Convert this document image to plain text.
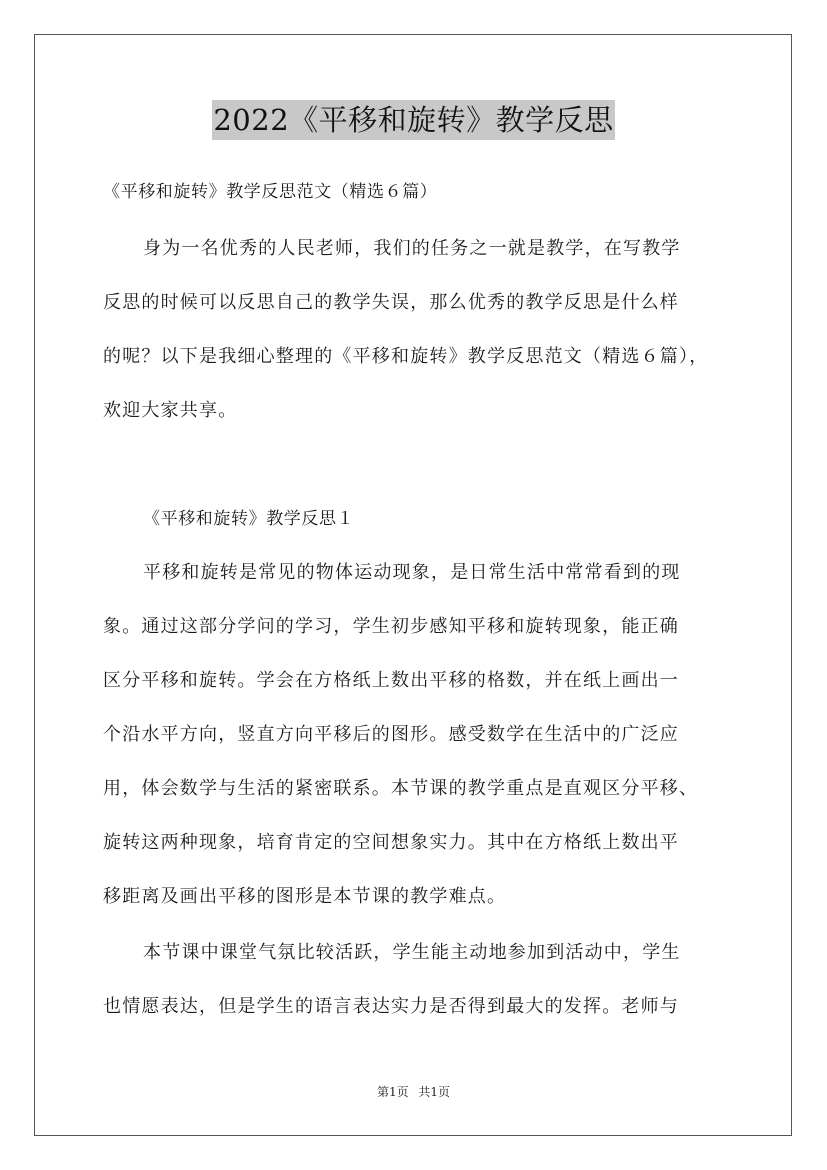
2022《平移和旋转》教学反思
《平移和旋转》教学反思范文（精选６篇）
身为一名优秀的人民老师，我们的任务之一就是教学，在写教学
反思的时候可以反思自己的教学失误，那么优秀的教学反思是什么样
的呢？以下是我细心整理的《平移和旋转》教学反思范文（精选６篇），
欢迎大家共享。
《平移和旋转》教学反思１
平移和旋转是常见的物体运动现象，是日常生活中常常看到的现
象。通过这部分学问的学习，学生初步感知平移和旋转现象，能正确
区分平移和旋转。学会在方格纸上数出平移的格数，并在纸上画出一
个沿水平方向，竖直方向平移后的图形。感受数学在生活中的广泛应
用，体会数学与生活的紧密联系。本节课的教学重点是直观区分平移、
旋转这两种现象，培育肯定的空间想象实力。其中在方格纸上数出平
移距离及画出平移的图形是本节课的教学难点。
本节课中课堂气氛比较活跃，学生能主动地参加到活动中，学生
也情愿表达，但是学生的语言表达实力是否得到最大的发挥。老师与
第1页 共1页
